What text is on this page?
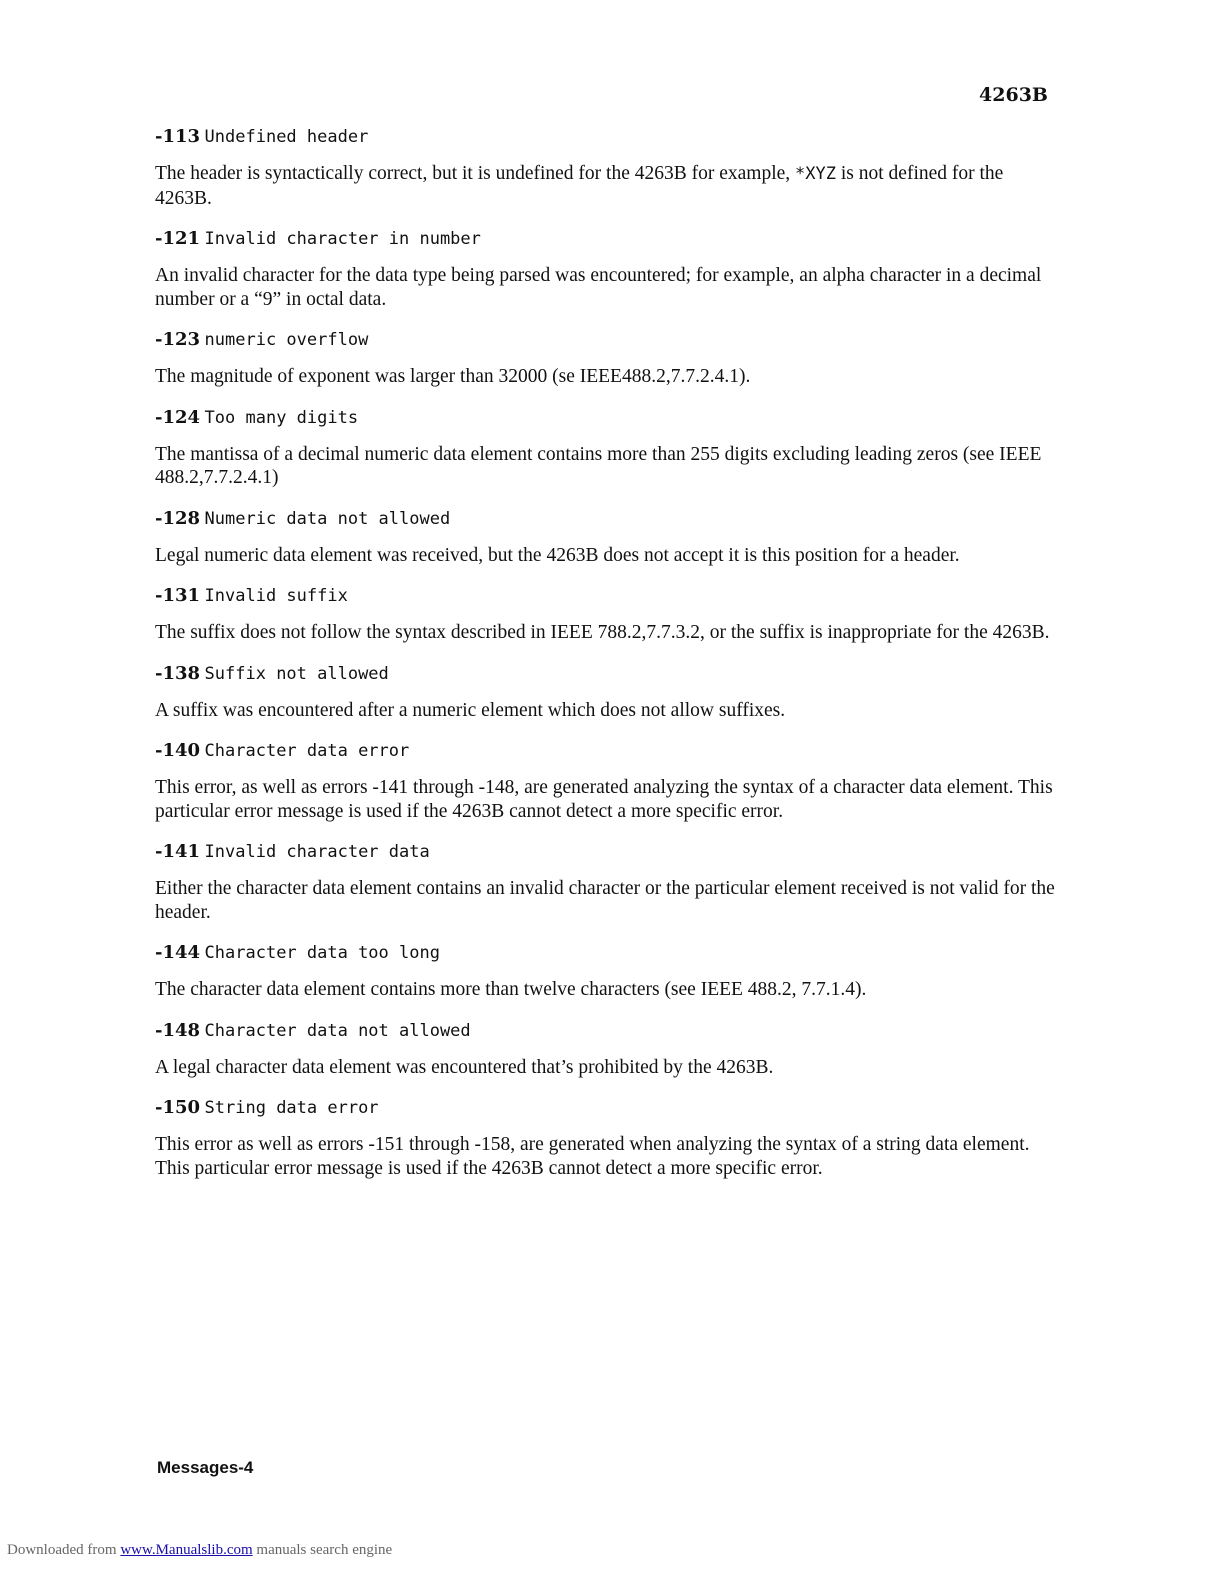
4263B
-113 Undefined header

The header is syntactically correct, but it is undefined for the 4263B for example, *XYZ is not defined for the 4263B.

-121 Invalid character in number

An invalid character for the data type being parsed was encountered; for example, an alpha character in a decimal number or a “9” in octal data.

-123 numeric overflow

The magnitude of exponent was larger than 32000 (se IEEE488.2,7.7.2.4.1).

-124 Too many digits

The mantissa of a decimal numeric data element contains more than 255 digits excluding leading zeros (see IEEE 488.2,7.7.2.4.1)

-128 Numeric data not allowed

Legal numeric data element was received, but the 4263B does not accept it is this position for a header.

-131 Invalid suffix

The suffix does not follow the syntax described in IEEE 788.2,7.7.3.2, or the suffix is inappropriate for the 4263B.

-138 Suffix not allowed

A suffix was encountered after a numeric element which does not allow suffixes.

-140 Character data error

This error, as well as errors -141 through -148, are generated analyzing the syntax of a character data element. This particular error message is used if the 4263B cannot detect a more specific error.

-141 Invalid character data

Either the character data element contains an invalid character or the particular element received is not valid for the header.

-144 Character data too long

The character data element contains more than twelve characters (see IEEE 488.2, 7.7.1.4).

-148 Character data not allowed

A legal character data element was encountered that’s prohibited by the 4263B.

-150 String data error

This error as well as errors -151 through -158, are generated when analyzing the syntax of a string data element. This particular error message is used if the 4263B cannot detect a more specific error.

Messages-4
Downloaded from www.Manualslib.com manuals search engine
